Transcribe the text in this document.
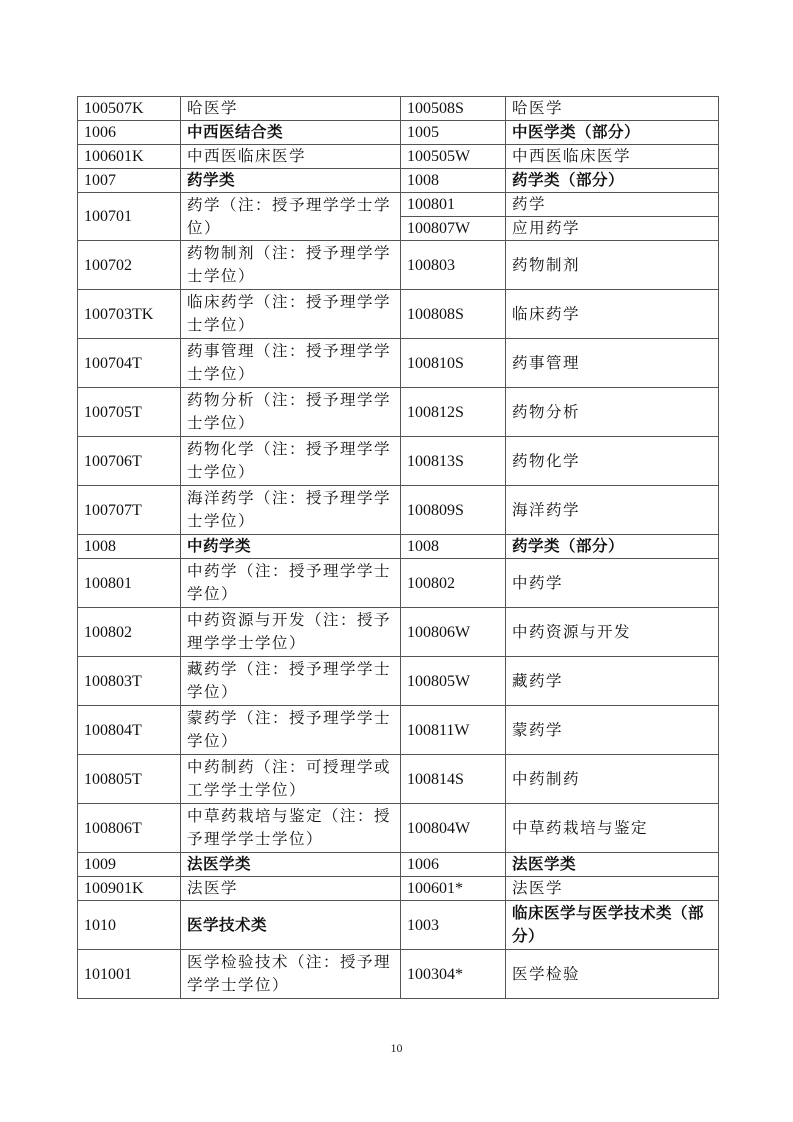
100507K	哈医学	100508S	哈医学
1006	中西医结合类	1005	中医学类（部分）
100601K	中西医临床医学	100505W	中西医临床医学
1007	药学类	1008	药学类（部分）
100701	药学（注：授予理学学士学位）	100801	药学
		100807W	应用药学
100702	药物制剂（注：授予理学学士学位）	100803	药物制剂
100703TK	临床药学（注：授予理学学士学位）	100808S	临床药学
100704T	药事管理（注：授予理学学士学位）	100810S	药事管理
100705T	药物分析（注：授予理学学士学位）	100812S	药物分析
100706T	药物化学（注：授予理学学士学位）	100813S	药物化学
100707T	海洋药学（注：授予理学学士学位）	100809S	海洋药学
1008	中药学类	1008	药学类（部分）
100801	中药学（注：授予理学学士学位）	100802	中药学
100802	中药资源与开发（注：授予理学学士学位）	100806W	中药资源与开发
100803T	藏药学（注：授予理学学士学位）	100805W	藏药学
100804T	蒙药学（注：授予理学学士学位）	100811W	蒙药学
100805T	中药制药（注：可授理学或工学学士学位）	100814S	中药制药
100806T	中草药栽培与鉴定（注：授予理学学士学位）	100804W	中草药栽培与鉴定
1009	法医学类	1006	法医学类
100901K	法医学	100601*	法医学
1010	医学技术类	1003	临床医学与医学技术类（部分）
101001	医学检验技术（注：授予理学学士学位）	100304*	医学检验
10
